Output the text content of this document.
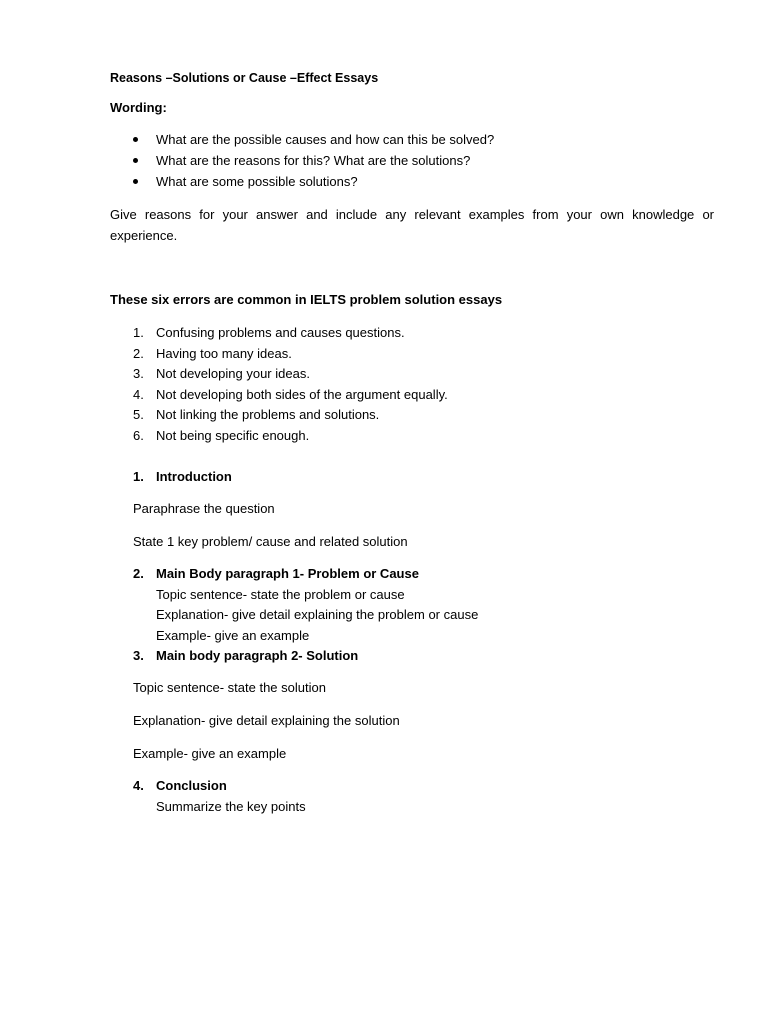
Reasons –Solutions or Cause –Effect Essays
Wording:
What are the possible causes and how can this be solved?
What are the reasons for this? What are the solutions?
What are some possible solutions?
Give reasons for your answer and include any relevant examples from your own knowledge or experience.
These six errors are common in IELTS problem solution essays
1. Confusing problems and causes questions.
2. Having too many ideas.
3. Not developing your ideas.
4. Not developing both sides of the argument equally.
5. Not linking the problems and solutions.
6. Not being specific enough.
1. Introduction
Paraphrase the question
State 1 key problem/ cause and related solution
2. Main Body paragraph 1- Problem or Cause
Topic sentence- state the problem or cause
Explanation- give detail explaining the problem or cause
Example- give an example
3. Main body paragraph 2- Solution
Topic sentence- state the solution
Explanation- give detail explaining the solution
Example- give an example
4. Conclusion
Summarize the key points
